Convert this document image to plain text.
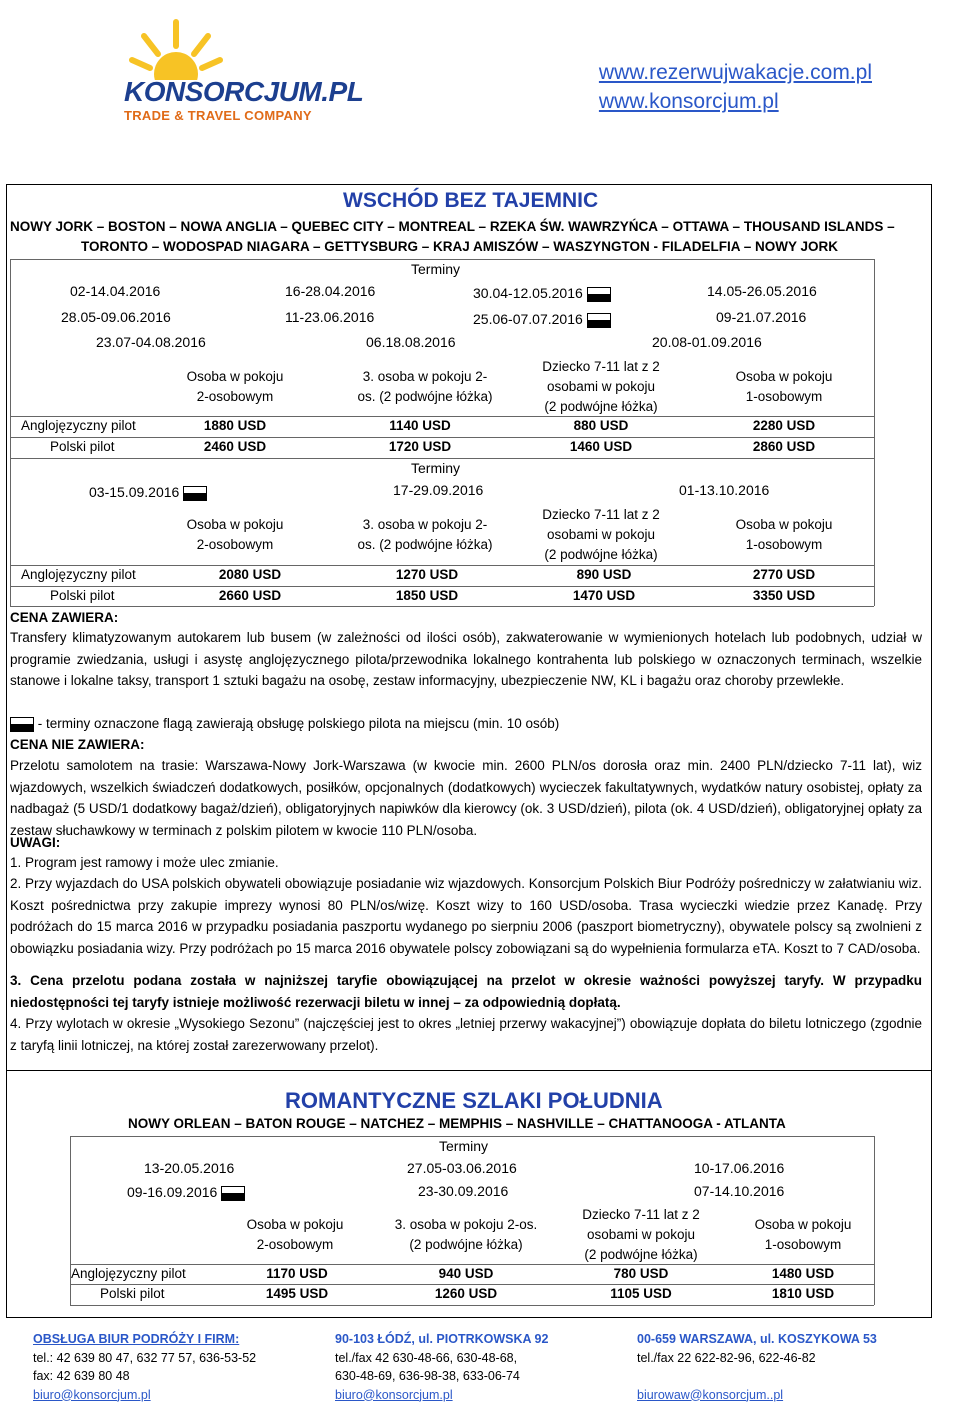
KONSORCJUM.PL
TRADE & TRAVEL COMPANY
www.rezerwujwakacje.com.pl
www.konsorcjum.pl
WSCHÓD BEZ TAJEMNIC
NOWY JORK – BOSTON – NOWA ANGLIA – QUEBEC CITY – MONTREAL – RZEKA ŚW. WAWRZYŃCA – OTTAWA – THOUSAND ISLANDS –
TORONTO – WODOSPAD NIAGARA – GETTYSBURG – KRAJ AMISZÓW – WASZYNGTON - FILADELFIA – NOWY JORK
Terminy
02-14.04.2016	16-28.04.2016	30.04-12.05.2016	14.05-26.05.2016
28.05-09.06.2016	11-23.06.2016	25.06-07.07.2016	09-21.07.2016
23.07-04.08.2016	06.18.08.2016	20.08-01.09.2016
Osoba w pokoju
2-osobowym
3. osoba w pokoju 2-
os. (2 podwójne łóżka)
Dziecko 7-11 lat z 2
osobami w pokoju
(2 podwójne łóżka)
Osoba w pokoju
1-osobowym
Anglojęzyczny pilot	1880 USD	1140 USD	880 USD	2280 USD
Polski pilot	2460 USD	1720 USD	1460 USD	2860 USD
Terminy
03-15.09.2016	17-29.09.2016	01-13.10.2016
Osoba w pokoju
2-osobowym
3. osoba w pokoju 2-
os. (2 podwójne łóżka)
Dziecko 7-11 lat z 2
osobami w pokoju
(2 podwójne łóżka)
Osoba w pokoju
1-osobowym
Anglojęzyczny pilot	2080 USD	1270 USD	890 USD	2770 USD
Polski pilot	2660 USD	1850 USD	1470 USD	3350 USD
CENA ZAWIERA:
Transfery klimatyzowanym autokarem lub busem (w zależności od ilości osób), zakwaterowanie w wymienionych hotelach lub podobnych, udział w programie zwiedzania, usługi i asystę anglojęzycznego pilota/przewodnika lokalnego kontrahenta lub polskiego w oznaczonych terminach, wszelkie stanowe i lokalne taksy, transport 1 sztuki bagażu na osobę, zestaw informacyjny, ubezpieczenie NW, KL i bagażu oraz choroby przewlekłe.
- terminy oznaczone flagą zawierają obsługę polskiego pilota na miejscu (min. 10 osób)
CENA NIE ZAWIERA:
Przelotu samolotem na trasie: Warszawa-Nowy Jork-Warszawa (w kwocie min. 2600 PLN/os dorosła oraz min. 2400 PLN/dziecko 7-11 lat), wiz wjazdowych, wszelkich świadczeń dodatkowych, posiłków, opcjonalnych (dodatkowych) wycieczek fakultatywnych, wydatków natury osobistej, opłaty za nadbagaż (5 USD/1 dodatkowy bagaż/dzień), obligatoryjnych napiwków dla kierowcy (ok. 3 USD/dzień), pilota (ok. 4 USD/dzień), obligatoryjnej opłaty za zestaw słuchawkowy w terminach z polskim pilotem w kwocie 110 PLN/osoba.
UWAGI:
1. Program jest ramowy i może ulec zmianie.
2. Przy wyjazdach do USA polskich obywateli obowiązuje posiadanie wiz wjazdowych. Konsorcjum Polskich Biur Podróży pośredniczy w załatwianiu wiz. Koszt pośrednictwa przy zakupie imprezy wynosi 80 PLN/os/wizę. Koszt wizy to 160 USD/osoba. Trasa wycieczki wiedzie przez Kanadę. Przy podróżach do 15 marca 2016 w przypadku posiadania paszportu wydanego po sierpniu 2006 (paszport biometryczny), obywatele polscy są zwolnieni z obowiązku posiadania wizy. Przy podróżach po 15 marca 2016 obywatele polscy zobowiązani są do wypełnienia formularza eTA. Koszt to 7 CAD/osoba.
3. Cena przelotu podana została w najniższej taryfie obowiązującej na przelot w okresie ważności powyższej taryfy. W przypadku niedostępności tej taryfy istnieje możliwość rezerwacji biletu w innej – za odpowiednią dopłatą.
4. Przy wylotach w okresie „Wysokiego Sezonu” (najczęściej jest to okres „letniej przerwy wakacyjnej”) obowiązuje dopłata do biletu lotniczego (zgodnie z taryfą linii lotniczej, na której został zarezerwowany przelot).
ROMANTYCZNE SZLAKI POŁUDNIA
NOWY ORLEAN – BATON ROUGE – NATCHEZ – MEMPHIS – NASHVILLE – CHATTANOOGA - ATLANTA
Terminy
13-20.05.2016	27.05-03.06.2016	10-17.06.2016
09-16.09.2016	23-30.09.2016	07-14.10.2016
Osoba w pokoju
2-osobowym
3. osoba w pokoju 2-os.
(2 podwójne łóżka)
Dziecko 7-11 lat z 2
osobami w pokoju
(2 podwójne łóżka)
Osoba w pokoju
1-osobowym
Anglojęzyczny pilot	1170 USD	940 USD	780 USD	1480 USD
Polski pilot	1495 USD	1260 USD	1105 USD	1810 USD
OBSŁUGA BIUR PODRÓŻY I FIRM:
tel.: 42 639 80 47, 632 77 57, 636-53-52
fax: 42 639 80 48
biuro@konsorcjum.pl
90-103 ŁÓDŹ, ul. PIOTRKOWSKA 92
tel./fax 42 630-48-66, 630-48-68,
630-48-69, 636-98-38, 633-06-74
biuro@konsorcjum.pl
00-659 WARSZAWA, ul. KOSZYKOWA 53
tel./fax 22 622-82-96, 622-46-82
biurowaw@konsorcjum..pl
